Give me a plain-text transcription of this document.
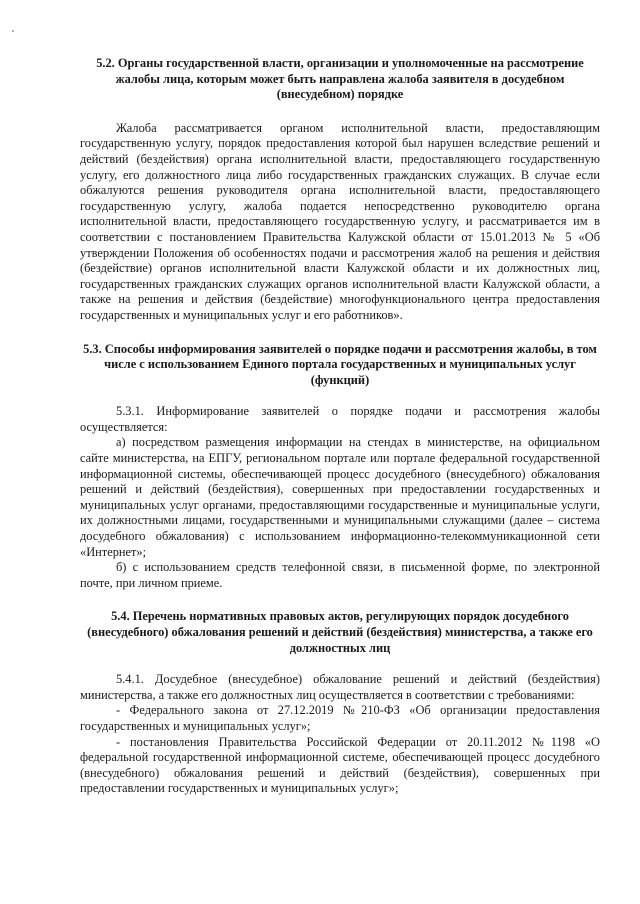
5.2. Органы государственной власти, организации и уполномоченные на рассмотрение жалобы лица, которым может быть направлена жалоба заявителя в досудебном (внесудебном) порядке

Жалоба рассматривается органом исполнительной власти, предоставляющим государственную услугу, порядок предоставления которой был нарушен вследствие решений и действий (бездействия) органа исполнительной власти, предоставляющего государственную услугу, его должностного лица либо государственных гражданских служащих. В случае если обжалуются решения руководителя органа исполнительной власти, предоставляющего государственную услугу, жалоба подается непосредственно руководителю органа исполнительной власти, предоставляющего государственную услугу, и рассматривается им в соответствии с постановлением Правительства Калужской области от 15.01.2013 № 5 «Об утверждении Положения об особенностях подачи и рассмотрения жалоб на решения и действия (бездействие) органов исполнительной власти Калужской области и их должностных лиц, государственных гражданских служащих органов исполнительной власти Калужской области, а также на решения и действия (бездействие) многофункционального центра предоставления государственных и муниципальных услуг и его работников».

5.3. Способы информирования заявителей о порядке подачи и рассмотрения жалобы, в том числе с использованием Единого портала государственных и муниципальных услуг (функций)

5.3.1. Информирование заявителей о порядке подачи и рассмотрения жалобы осуществляется:

а) посредством размещения информации на стендах в министерстве, на официальном сайте министерства, на ЕПГУ, региональном портале или портале федеральной государственной информационной системы, обеспечивающей процесс досудебного (внесудебного) обжалования решений и действий (бездействия), совершенных при предоставлении государственных и муниципальных услуг органами, предоставляющими государственные и муниципальные услуги, их должностными лицами, государственными и муниципальными служащими (далее – система досудебного обжалования) с использованием информационно-телекоммуникационной сети «Интернет»;

б) с использованием средств телефонной связи, в письменной форме, по электронной почте, при личном приеме.

5.4. Перечень нормативных правовых актов, регулирующих порядок досудебного (внесудебного) обжалования решений и действий (бездействия) министерства, а также его должностных лиц

5.4.1. Досудебное (внесудебное) обжалование решений и действий (бездействия) министерства, а также его должностных лиц осуществляется в соответствии с требованиями:

- Федерального закона от 27.12.2019 №210-ФЗ «Об организации предоставления государственных и муниципальных услуг»;

- постановления Правительства Российской Федерации от 20.11.2012 №1198 «О федеральной государственной информационной системе, обеспечивающей процесс досудебного (внесудебного) обжалования решений и действий (бездействия), совершенных при предоставлении государственных и муниципальных услуг»;
